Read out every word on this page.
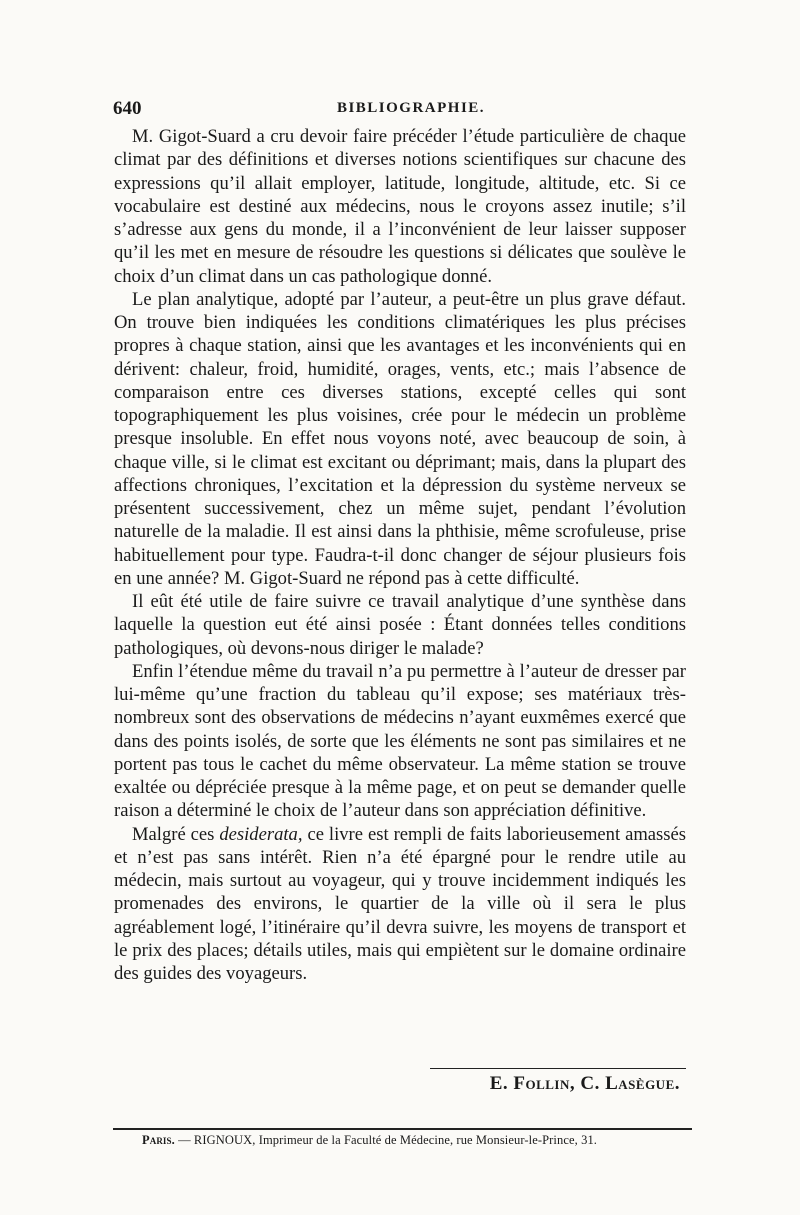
640	BIBLIOGRAPHIE.

M. Gigot-Suard a cru devoir faire précéder l’étude particulière de chaque climat par des définitions et diverses notions scientifiques sur chacune des expressions qu’il allait employer, latitude, longitude, altitude, etc. Si ce vocabulaire est destiné aux médecins, nous le croyons assez inutile; s’il s’adresse aux gens du monde, il a l’inconvénient de leur laisser supposer qu’il les met en mesure de résoudre les questions si délicates que soulève le choix d’un climat dans un cas pathologique donné.

Le plan analytique, adopté par l’auteur, a peut-être un plus grave défaut. On trouve bien indiquées les conditions climatériques les plus précises propres à chaque station, ainsi que les avantages et les inconvénients qui en dérivent: chaleur, froid, humidité, orages, vents, etc.; mais l’absence de comparaison entre ces diverses stations, excepté celles qui sont topographiquement les plus voisines, crée pour le médecin un problème presque insoluble. En effet nous voyons noté, avec beaucoup de soin, à chaque ville, si le climat est excitant ou déprimant; mais, dans la plupart des affections chroniques, l’excitation et la dépression du système nerveux se présentent successivement, chez un même sujet, pendant l’évolution naturelle de la maladie. Il est ainsi dans la phthisie, même scrofuleuse, prise habituellement pour type. Faudra-t-il donc changer de séjour plusieurs fois en une année? M. Gigot-Suard ne répond pas à cette difficulté.

Il eût été utile de faire suivre ce travail analytique d’une synthèse dans laquelle la question eut été ainsi posée : Étant données telles conditions pathologiques, où devons-nous diriger le malade?

Enfin l’étendue même du travail n’a pu permettre à l’auteur de dresser par lui-même qu’une fraction du tableau qu’il expose; ses matériaux très-nombreux sont des observations de médecins n’ayant euxmêmes exercé que dans des points isolés, de sorte que les éléments ne sont pas similaires et ne portent pas tous le cachet du même observateur. La même station se trouve exaltée ou dépréciée presque à la même page, et on peut se demander quelle raison a déterminé le choix de l’auteur dans son appréciation définitive.

Malgré ces desiderata, ce livre est rempli de faits laborieusement amassés et n’est pas sans intérêt. Rien n’a été épargné pour le rendre utile au médecin, mais surtout au voyageur, qui y trouve incidemment indiqués les promenades des environs, le quartier de la ville où il sera le plus agréablement logé, l’itinéraire qu’il devra suivre, les moyens de transport et le prix des places; détails utiles, mais qui empiètent sur le domaine ordinaire des guides des voyageurs.

E. Follin, C. Lasègue.
Paris. — RIGNOUX, Imprimeur de la Faculté de Médecine, rue Monsieur-le-Prince, 31.
